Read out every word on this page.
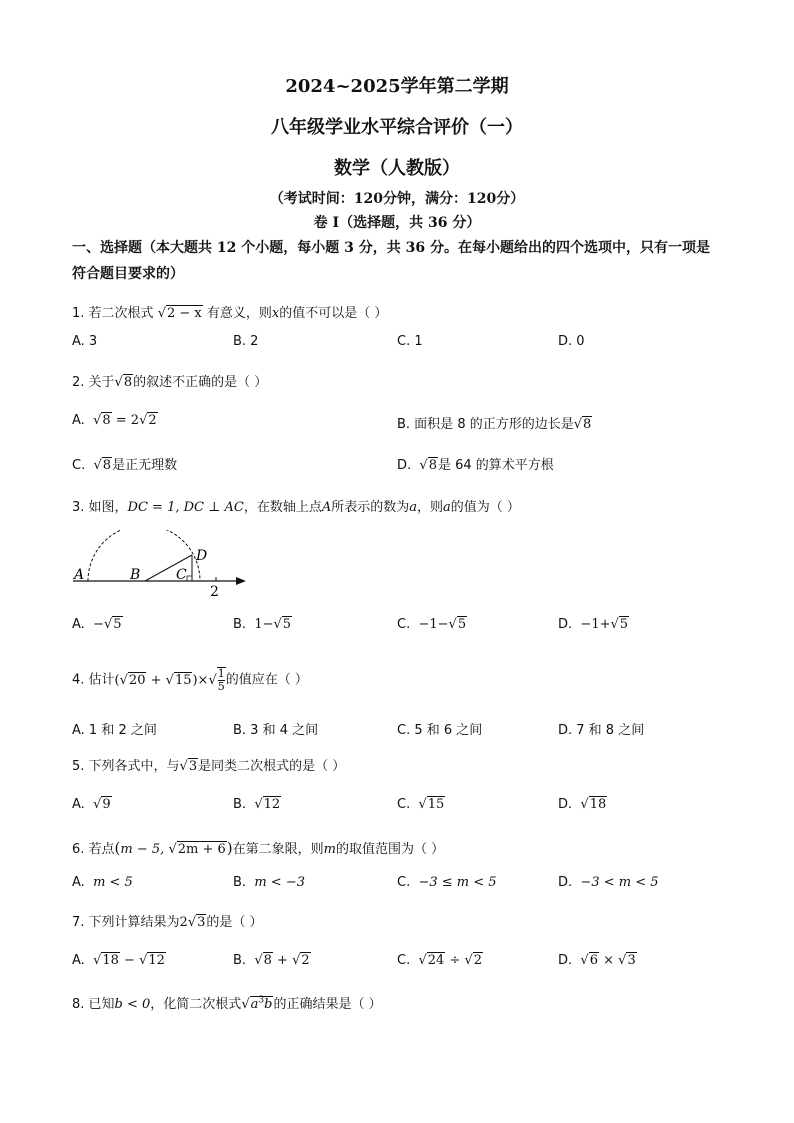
2024~2025学年第二学期
八年级学业水平综合评价（一）
数学（人教版）
（考试时间：120分钟，满分：120分）
卷 I（选择题，共 36 分）
一、选择题（本大题共 12 个小题，每小题 3 分，共 36 分。在每小题给出的四个选项中，只有一项是符合题目要求的）
1. 若二次根式 √2 − x 有意义，则x的值不可以是（ ）
A. 3	B. 2	C. 1	D. 0
2. 关于√8的叙述不正确的是（ ）
A. √8 = 2√2	B. 面积是 8 的正方形的边长是√8
C. √8是正无理数	D. √8是 64 的算术平方根
3. 如图，DC = 1, DC ⊥ AC，在数轴上点A所表示的数为a，则a的值为（ ）
A	B	C
D
2
A. −√5	B. 1−√5	C. −1−√5	D. −1+√5
4. 估计$(√20 + √15)\times√ \frac{1}{5}$ 的值应在（ ）
A. 1 和 2 之间	B. 3 和 4 之间	C. 5 和 6 之间	D. 7 和 8 之间
5. 下列各式中，与√3是同类二次根式的是（ ）
A. √9	B. √12	C. √15	D. √18
6. 若点(m − 5, √2m + 6)在第二象限，则m的取值范围为（ ）
A. m < 5	B. m < −3	C. −3 ≤ m < 5	D. −3 < m < 5
7. 下列计算结果为2√3的是（ ）
A. √18 − √12	B. √8 + √2	C. √24 ÷ √2	D. √6 × √3
8. 已知b < 0，化简二次根式$√a^3b$的正确结果是（ ）
